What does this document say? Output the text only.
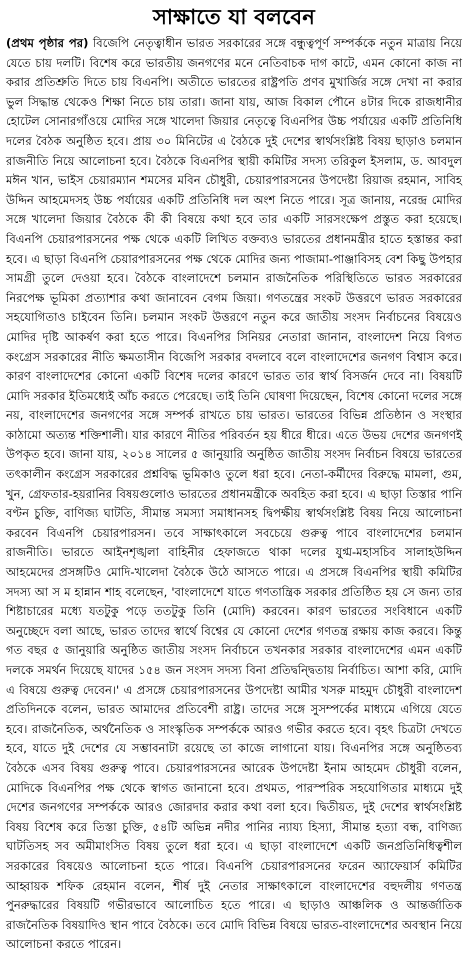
সাক্ষাতে যা বলবেন

(প্রথম পৃষ্ঠার পর) বিজেপি নেতৃত্বাধীন ভারত সরকারের সঙ্গে বন্ধুত্বপূর্ণ সম্পর্ককে নতুন মাত্রায় নিয়ে যেতে চায় দলটি। বিশেষ করে ভারতীয় জনগণের মনে নেতিবাচক দাগ কাটে, এমন কোনো কাজ না করার প্রতিশ্রুতি দিতে চায় বিএনপি। অতীতে ভারতের রাষ্ট্রপতি প্রণব মুখার্জির সঙ্গে দেখা না করার ভুল সিদ্ধান্ত থেকেও শিক্ষা নিতে চায় তারা। জানা যায়, আজ বিকাল পৌনে ৪টার দিকে রাজধানীর হোটেল সোনারগাঁওয়ে মোদির সঙ্গে খালেদা জিয়ার নেতৃত্বে বিএনপির উচ্চ পর্যায়ের একটি প্রতিনিধি দলের বৈঠক অনুষ্ঠিত হবে। প্রায় ৩০ মিনিটের এ বৈঠকে দুই দেশের স্বার্থসংশ্লিষ্ট বিষয় ছাড়াও চলমান রাজনীতি নিয়ে আলোচনা হবে। বৈঠকে বিএনপির স্থায়ী কমিটির সদস্য তরিকুল ইসলাম, ড. আবদুল মঈন খান, ভাইস চেয়ারম্যান শমসের মবিন চৌধুরী, চেয়ারপারসনের উপদেষ্টা রিয়াজ রহমান, সাবিহ উদ্দিন আহমেদসহ উচ্চ পর্যায়ের একটি প্রতিনিধি দল অংশ নিতে পারে। সূত্র জানায়, নরেন্দ্র মোদির সঙ্গে খালেদা জিয়ার বৈঠকে কী কী বিষয়ে কথা হবে তার একটি সারসংক্ষেপ প্রস্তুত করা হয়েছে। বিএনপি চেয়ারপারসনের পক্ষ থেকে একটি লিখিত বক্তব্যও ভারতের প্রধানমন্ত্রীর হাতে হস্তান্তর করা হবে। এ ছাড়া বিএনপি চেয়ারপারসনের পক্ষ থেকে মোদির জন্য পাজামা-পাঞ্জাবিসহ বেশ কিছু উপহার সামগ্রী তুলে দেওয়া হবে। বৈঠকে বাংলাদেশে চলমান রাজনৈতিক পরিস্থিতিতে ভারত সরকারের নিরপেক্ষ ভূমিকা প্রত্যাশার কথা জানাবেন বেগম জিয়া। গণতন্ত্রের সংকট উত্তরণে ভারত সরকারের সহযোগিতাও চাইবেন তিনি। চলমান সংকট উত্তরণে নতুন করে জাতীয় সংসদ নির্বাচনের বিষয়েও মোদির দৃষ্টি আকর্ষণ করা হতে পারে। বিএনপির সিনিয়র নেতারা জানান, বাংলাদেশ নিয়ে বিগত কংগ্রেস সরকারের নীতি ক্ষমতাসীন বিজেপি সরকার বদলাবে বলে বাংলাদেশের জনগণ বিশ্বাস করে। কারণ বাংলাদেশের কোনো একটি বিশেষ দলের কারণে ভারত তার স্বার্থ বিসর্জন দেবে না। বিষয়টি মোদি সরকার ইতিমধ্যেই আঁচ করতে পেরেছে। তাই তিনি ঘোষণা দিয়েছেন, বিশেষ কোনো দলের সঙ্গে নয়, বাংলাদেশের জনগণের সঙ্গে সম্পর্ক রাখতে চায় ভারত। ভারতের বিভিন্ন প্রতিষ্ঠান ও সংস্থার কাঠামো অত্যন্ত শক্তিশালী। যার কারণে নীতির পরিবর্তন হয় ধীরে ধীরে। এতে উভয় দেশের জনগণই উপকৃত হবে। জানা যায়, ২০১৪ সালের ৫ জানুয়ারি অনুষ্ঠিত জাতীয় সংসদ নির্বাচন বিষয়ে ভারতের তৎকালীন কংগ্রেস সরকারের প্রশ্নবিদ্ধ ভূমিকাও তুলে ধরা হবে। নেতা-কর্মীদের বিরুদ্ধে মামলা, গুম, খুন, গ্রেফতার-হয়রানির বিষয়গুলোও ভারতের প্রধানমন্ত্রীকে অবহিত করা হবে। এ ছাড়া তিস্তার পানি বণ্টন চুক্তি, বাণিজ্য ঘাটতি, সীমান্ত সমস্যা সমাধানসহ দ্বিপক্ষীয় স্বার্থসংশ্লিষ্ট বিষয় নিয়ে আলোচনা করবেন বিএনপি চেয়ারপারসন। তবে সাক্ষাৎকালে সবচেয়ে গুরুত্ব পাবে বাংলাদেশের চলমান রাজনীতি। ভারতে আইনশৃঙ্খলা বাহিনীর হেফাজতে থাকা দলের যুগ্ম-মহাসচিব সালাহউদ্দিন আহমেদের প্রসঙ্গটিও মোদি-খালেদা বৈঠকে উঠে আসতে পারে। এ প্রসঙ্গে বিএনপির স্থায়ী কমিটির সদস্য আ স ম হান্নান শাহ বলেছেন, 'বাংলাদেশে যাতে গণতান্ত্রিক সরকার প্রতিষ্ঠিত হয় সে জন্য তার শিষ্টাচারের মধ্যে যতটুকু পড়ে ততটুকু তিনি (মোদি) করবেন। কারণ ভারতের সংবিধানে একটি অনুচ্ছেদে বলা আছে, ভারত তাদের স্বার্থে বিশ্বের যে কোনো দেশের গণতন্ত্র রক্ষায় কাজ করবে। কিন্তু গত বছর ৫ জানুয়ারি অনুষ্ঠিত জাতীয় সংসদ নির্বাচনে তখনকার সরকার বাংলাদেশের এমন একটি দলকে সমর্থন দিয়েছে যাদের ১৫৪ জন সংসদ সদস্য বিনা প্রতিদ্বন্দ্বিতায় নির্বাচিত। আশা করি, মোদি এ বিষয়ে গুরুত্ব দেবেন।' এ প্রসঙ্গে চেয়ারপারসনের উপদেষ্টা আমীর খসরু মাহমুদ চৌধুরী বাংলাদেশ প্রতিদিনকে বলেন, ভারত আমাদের প্রতিবেশী রাষ্ট্র। তাদের সঙ্গে সুসম্পর্কের মাধ্যমে এগিয়ে যেতে হবে। রাজনৈতিক, অর্থনৈতিক ও সাংস্কৃতিক সম্পর্ককে আরও গভীর করতে হবে। বৃহৎ চিত্রটা দেখতে হবে, যাতে দুই দেশের যে সম্ভাবনাটা রয়েছে তা কাজে লাগানো যায়। বিএনপির সঙ্গে অনুষ্ঠিতব্য বৈঠকে এসব বিষয় গুরুত্ব পাবে। চেয়ারপারসনের আরেক উপদেষ্টা ইনাম আহমেদ চৌধুরী বলেন, মোদিকে বিএনপির পক্ষ থেকে স্বাগত জানানো হবে। প্রথমত, পারস্পরিক সহযোগিতার মাধ্যমে দুই দেশের জনগণের সম্পর্ককে আরও জোরদার করার কথা বলা হবে। দ্বিতীয়ত, দুই দেশের স্বার্থসংশ্লিষ্ট বিষয় বিশেষ করে তিস্তা চুক্তি, ৫৪টি অভিন্ন নদীর পানির ন্যায্য হিস্যা, সীমান্ত হত্যা বন্ধ, বাণিজ্য ঘাটতিসহ সব অমীমাংসিত বিষয় তুলে ধরা হবে। এ ছাড়া বাংলাদেশে একটি জনপ্রতিনিধিত্বশীল সরকারের বিষয়েও আলোচনা হতে পারে। বিএনপি চেয়ারপারসনের ফরেন অ্যাফেয়ার্স কমিটির আহ্বায়ক শফিক রেহমান বলেন, শীর্ষ দুই নেতার সাক্ষাৎকালে বাংলাদেশের বহুদলীয় গণতন্ত্র পুনরুদ্ধারের বিষয়টি গভীরভাবে আলোচিত হতে পারে। এ ছাড়াও আঞ্চলিক ও আন্তর্জাতিক রাজনৈতিক বিষয়াদিও স্থান পাবে বৈঠকে। তবে মোদি বিভিন্ন বিষয়ে ভারত-বাংলাদেশের অবস্থান নিয়ে আলোচনা করতে পারেন।
